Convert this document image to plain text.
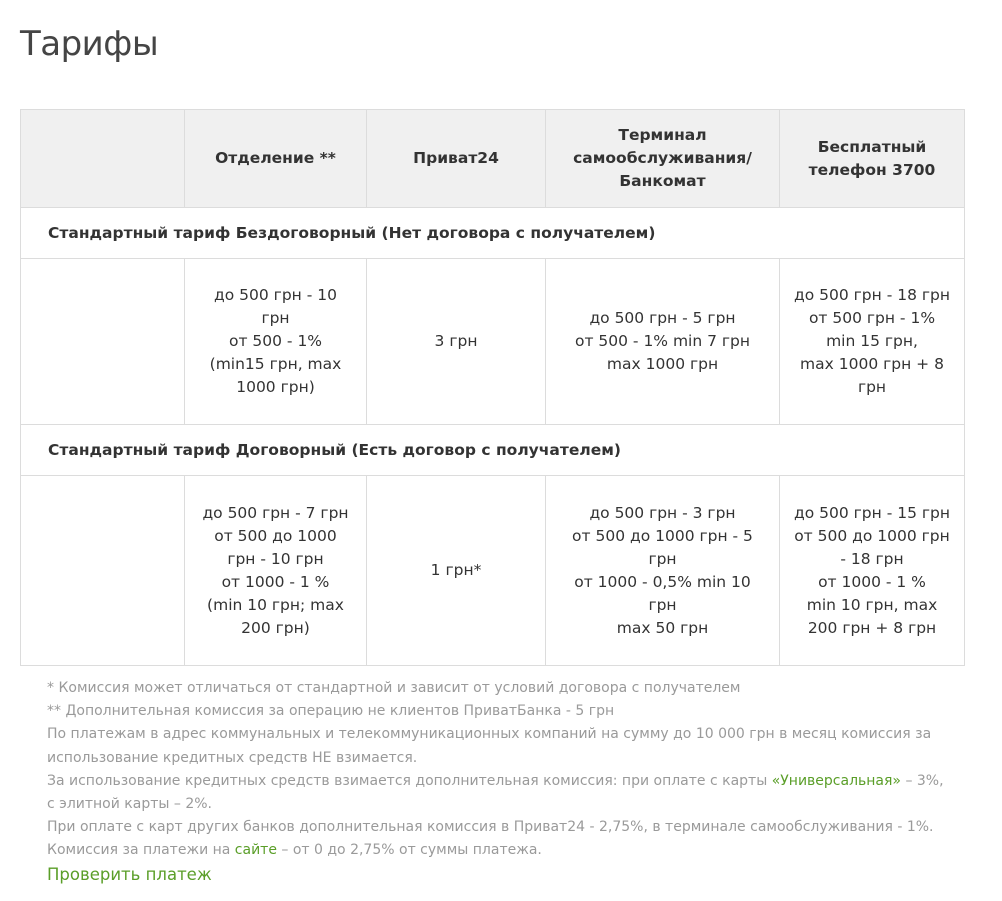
Тарифы
	Отделение **	Приват24	Терминал самообслуживания/ Банкомат	Бесплатный телефон 3700
Стандартный тариф Бездоговорный (Нет договора с получателем)				

	до 500 грн - 10 грн
от 500 - 1%
(min15 грн, max 1000 грн)	3 грн	до 500 грн - 5 грн
от 500 - 1% min 7 грн
max 1000 грн	до 500 грн - 18 грн
от 500 грн - 1% min 15 грн,
max 1000 грн + 8 грн

Стандартный тариф Договорный (Есть договор с получателем)				

	до 500 грн - 7 грн
от 500 до 1000 грн - 10 грн
от 1000 - 1 %
(min 10 грн; max 200 грн)	1 грн*	до 500 грн - 3 грн
от 500 до 1000 грн - 5 грн
от 1000 - 0,5% min 10 грн
max 50 грн	до 500 грн - 15 грн
от 500 до 1000 грн - 18 грн
от 1000 - 1 %
min 10 грн, max 200 грн + 8 грн

* Комиссия может отличаться от стандартной и зависит от условий договора с получателем

** Дополнительная комиссия за операцию не клиентов ПриватБанка - 5 грн

По платежам в адрес коммунальных и телекоммуникационных компаний на сумму до 10 000 грн в месяц комиссия за использование кредитных средств НЕ взимается.

За использование кредитных средств взимается дополнительная комиссия: при оплате с карты «Универсальная» – 3%, с элитной карты – 2%.

При оплате с карт других банков дополнительная комиссия в Приват24 - 2,75%, в терминале самообслуживания - 1%.

Комиссия за платежи на сайте – от 0 до 2,75% от суммы платежа.

Проверить платеж
